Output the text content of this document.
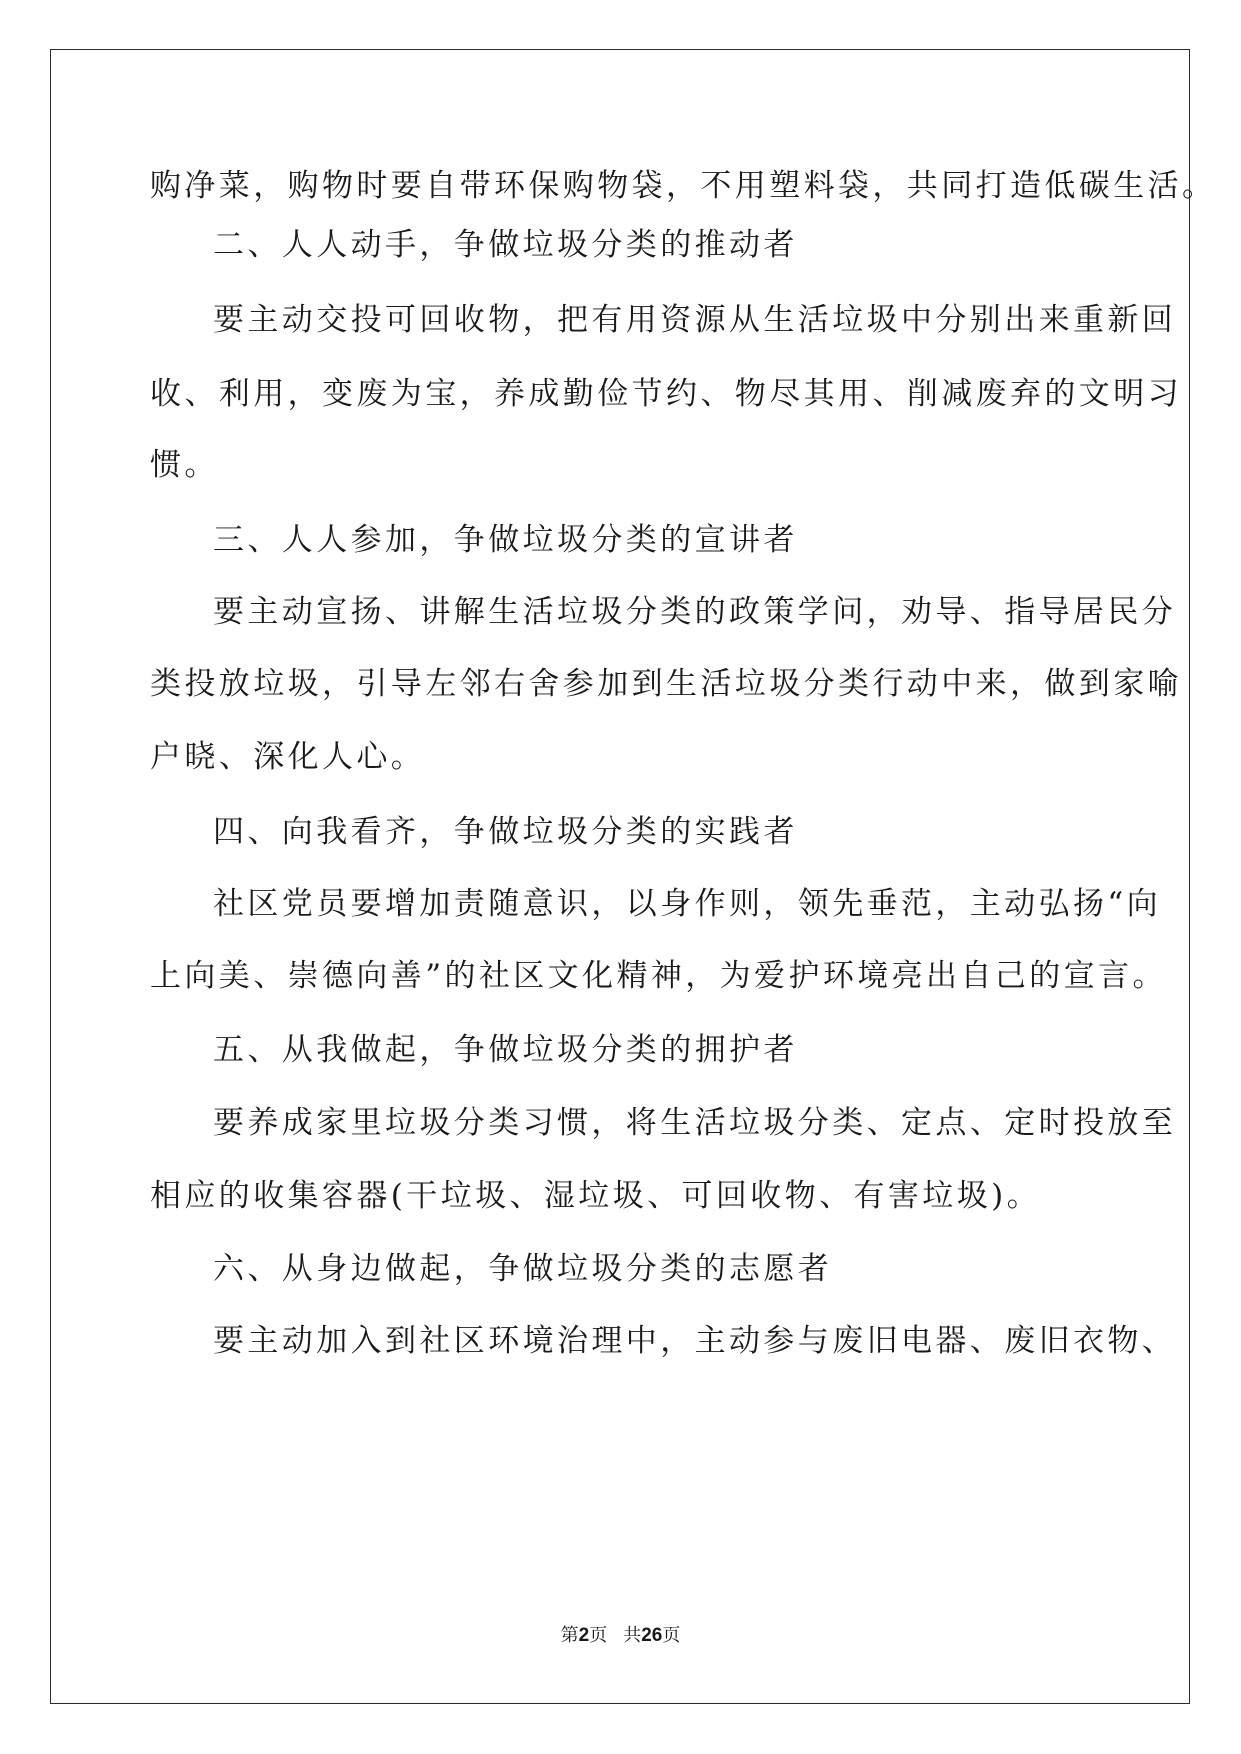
购净菜，购物时要自带环保购物袋，不用塑料袋，共同打造低碳生活。
二、人人动手，争做垃圾分类的推动者
要主动交投可回收物，把有用资源从生活垃圾中分别出来重新回
收、利用，变废为宝，养成勤俭节约、物尽其用、削减废弃的文明习
惯。
三、人人参加，争做垃圾分类的宣讲者
要主动宣扬、讲解生活垃圾分类的政策学问，劝导、指导居民分
类投放垃圾，引导左邻右舍参加到生活垃圾分类行动中来，做到家喻
户晓、深化人心。
四、向我看齐，争做垃圾分类的实践者
社区党员要增加责随意识，以身作则，领先垂范，主动弘扬“向
上向美、崇德向善”的社区文化精神，为爱护环境亮出自己的宣言。
五、从我做起，争做垃圾分类的拥护者
要养成家里垃圾分类习惯，将生活垃圾分类、定点、定时投放至
相应的收集容器(干垃圾、湿垃圾、可回收物、有害垃圾)。
六、从身边做起，争做垃圾分类的志愿者
要主动加入到社区环境治理中，主动参与废旧电器、废旧衣物、
第2页 共26页
